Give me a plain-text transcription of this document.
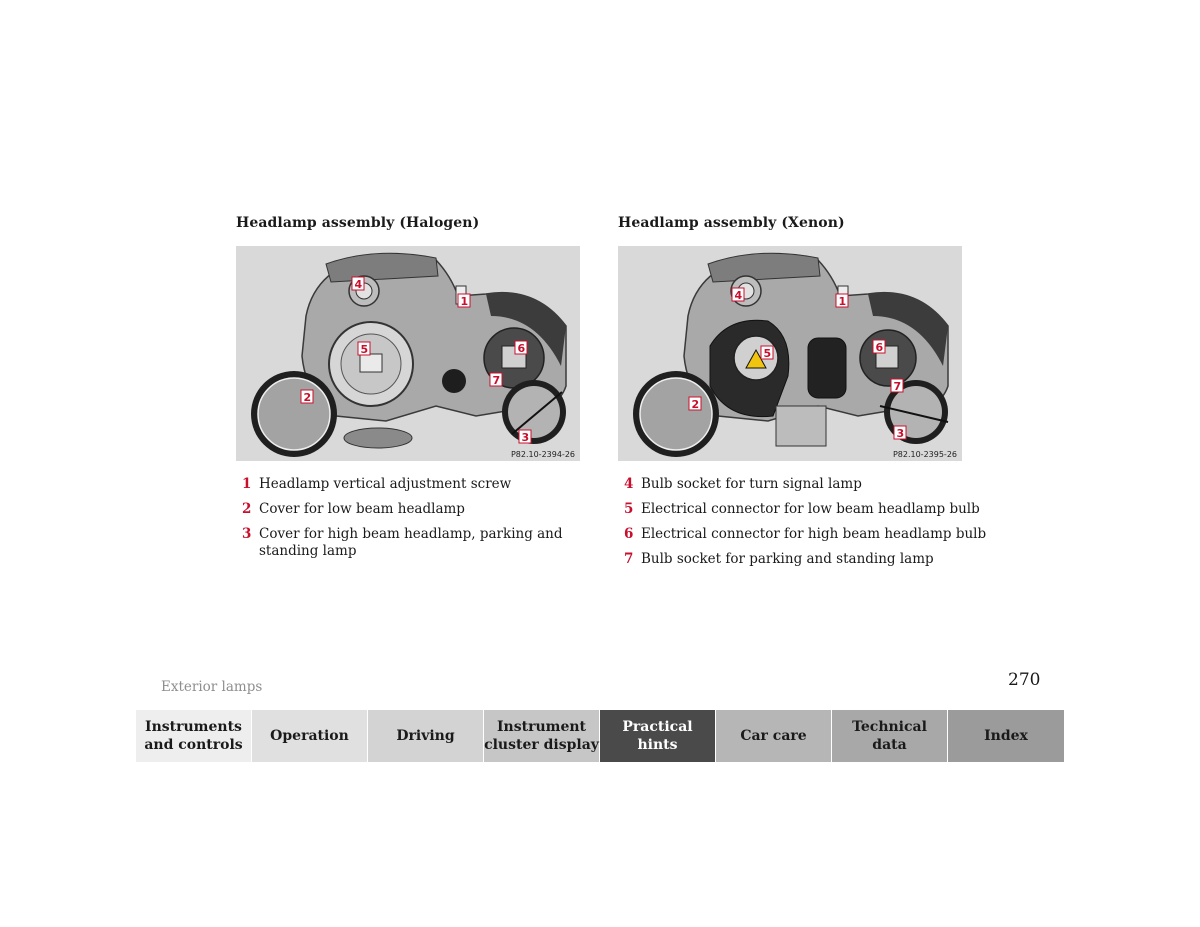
Headlamp assembly (Halogen)
1
2
3
4
5	6
7
P82.10-2394-26
1 Headlamp vertical adjustment screw
2 Cover for low beam headlamp
3 Cover for high beam headlamp, parking and standing lamp
Headlamp assembly (Xenon)
1
2
3
4
5	6
7
P82.10-2395-26
4 Bulb socket for turn signal lamp
5 Electrical connector for low beam headlamp bulb
6 Electrical connector for high beam headlamp bulb
7 Bulb socket for parking and standing lamp
Exterior lamps	270
Instruments
and controls
Operation	Driving
Instrument
cluster display
Practical hints
Car care
Technical
data
Index
